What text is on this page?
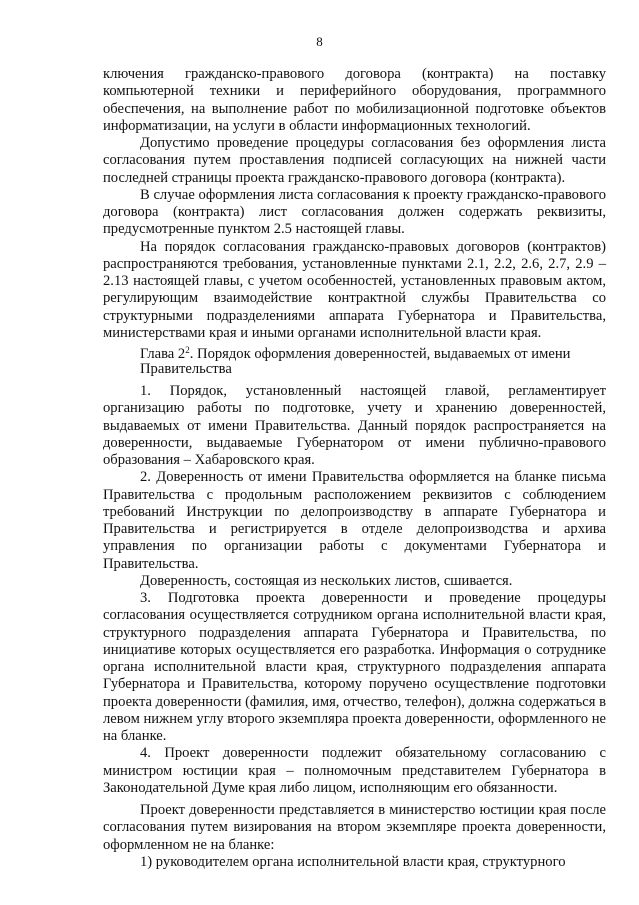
8

ключения гражданско-правового договора (контракта) на поставку компьютерной техники и периферийного оборудования, программного обеспечения, на выполнение работ по мобилизационной подготовке объектов информатизации, на услуги в области информационных технологий.

Допустимо проведение процедуры согласования без оформления листа согласования путем проставления подписей согласующих на нижней части последней страницы проекта гражданско-правового договора (контракта).

В случае оформления листа согласования к проекту гражданско-правового договора (контракта) лист согласования должен содержать реквизиты, предусмотренные пунктом 2.5 настоящей главы.

На порядок согласования гражданско-правовых договоров (контрактов) распространяются требования, установленные пунктами 2.1, 2.2, 2.6, 2.7, 2.9 – 2.13 настоящей главы, с учетом особенностей, установленных правовым актом, регулирующим взаимодействие контрактной службы Правительства со структурными подразделениями аппарата Губернатора и Правительства, министерствами края и иными органами исполнительной власти края.

Глава $2^2$. Порядок оформления доверенностей, выдаваемых от имени Правительства

1. Порядок, установленный настоящей главой, регламентирует организацию работы по подготовке, учету и хранению доверенностей, выдаваемых от имени Правительства. Данный порядок распространяется на доверенности, выдаваемые Губернатором от имени публично-правового образования – Хабаровского края.

2. Доверенность от имени Правительства оформляется на бланке письма Правительства с продольным расположением реквизитов с соблюдением требований Инструкции по делопроизводству в аппарате Губернатора и Правительства и регистрируется в отделе делопроизводства и архива управления по организации работы с документами Губернатора и Правительства.

Доверенность, состоящая из нескольких листов, сшивается.

3. Подготовка проекта доверенности и проведение процедуры согласования осуществляется сотрудником органа исполнительной власти края, структурного подразделения аппарата Губернатора и Правительства, по инициативе которых осуществляется его разработка. Информация о сотруднике органа исполнительной власти края, структурного подразделения аппарата Губернатора и Правительства, которому поручено осуществление подготовки проекта доверенности (фамилия, имя, отчество, телефон), должна содержаться в левом нижнем углу второго экземпляра проекта доверенности, оформленного не на бланке.

4. Проект доверенности подлежит обязательному согласованию с министром юстиции края – полномочным представителем Губернатора в Законодательной Думе края либо лицом, исполняющим его обязанности.

Проект доверенности представляется в министерство юстиции края после согласования путем визирования на втором экземпляре проекта доверенности, оформленном не на бланке:

1) руководителем органа исполнительной власти края, структурного
